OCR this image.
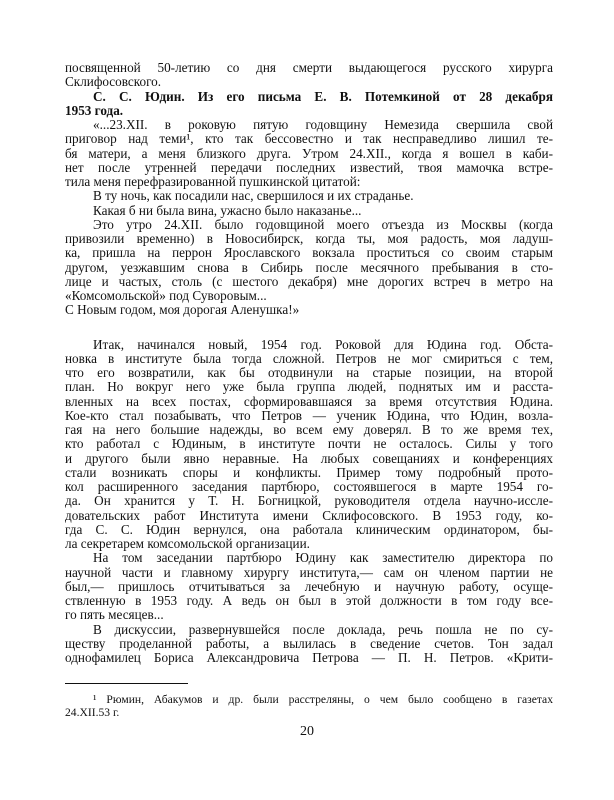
посвященной 50-летию со дня смерти выдающегося русского хирурга
Склифосовского.
С. С. Юдин. Из его письма Е. В. Потемкиной от 28 декабря
1953 года.
«...23.XII. в роковую пятую годовщину Немезида свершила свой
приговор над теми¹, кто так бессовестно и так несправедливо лишил те-
бя матери, а меня близкого друга. Утром 24.XII., когда я вошел в каби-
нет после утренней передачи последних известий, твоя мамочка встре-
тила меня перефразированной пушкинской цитатой:
В ту ночь, как посадили нас, свершилося и их страданье.
Какая б ни была вина, ужасно было наказанье...
Это утро 24.XII. было годовщиной моего отъезда из Москвы (когда
привозили временно) в Новосибирск, когда ты, моя радость, моя ладуш-
ка, пришла на перрон Ярославского вокзала проститься со своим старым
другом, уезжавшим снова в Сибирь после месячного пребывания в сто-
лице и частых, столь (с шестого декабря) мне дорогих встреч в метро на
«Комсомольской» под Суворовым...
С Новым годом, моя дорогая Аленушка!»
Итак, начинался новый, 1954 год. Роковой для Юдина год. Обста-
новка в институте была тогда сложной. Петров не мог смириться с тем,
что его возвратили, как бы отодвинули на старые позиции, на второй
план. Но вокруг него уже была группа людей, поднятых им и расста-
вленных на всех постах, сформировавшаяся за время отсутствия Юдина.
Кое-кто стал позабывать, что Петров — ученик Юдина, что Юдин, возла-
гая на него большие надежды, во всем ему доверял. В то же время тех,
кто работал с Юдиным, в институте почти не осталось. Силы у того
и другого были явно неравные. На любых совещаниях и конференциях
стали возникать споры и конфликты. Пример тому подробный прото-
кол расширенного заседания партбюро, состоявшегося в марте 1954 го-
да. Он хранится у Т. Н. Богницкой, руководителя отдела научно-иссле-
довательских работ Института имени Склифосовского. В 1953 году, ко-
гда С. С. Юдин вернулся, она работала клиническим ординатором, бы-
ла секретарем комсомольской организации.
На том заседании партбюро Юдину как заместителю директора по
научной части и главному хирургу института,— сам он членом партии не
был,— пришлось отчитываться за лечебную и научную работу, осуще-
ствленную в 1953 году. А ведь он был в этой должности в том году все-
го пять месяцев...
В дискуссии, развернувшейся после доклада, речь пошла не по су-
ществу проделанной работы, а вылилась в сведение счетов. Тон задал
однофамилец Бориса Александровича Петрова — П. Н. Петров. «Крити-
¹ Рюмин, Абакумов и др. были расстреляны, о чем было сообщено в газетах
24.XII.53 г.
20
